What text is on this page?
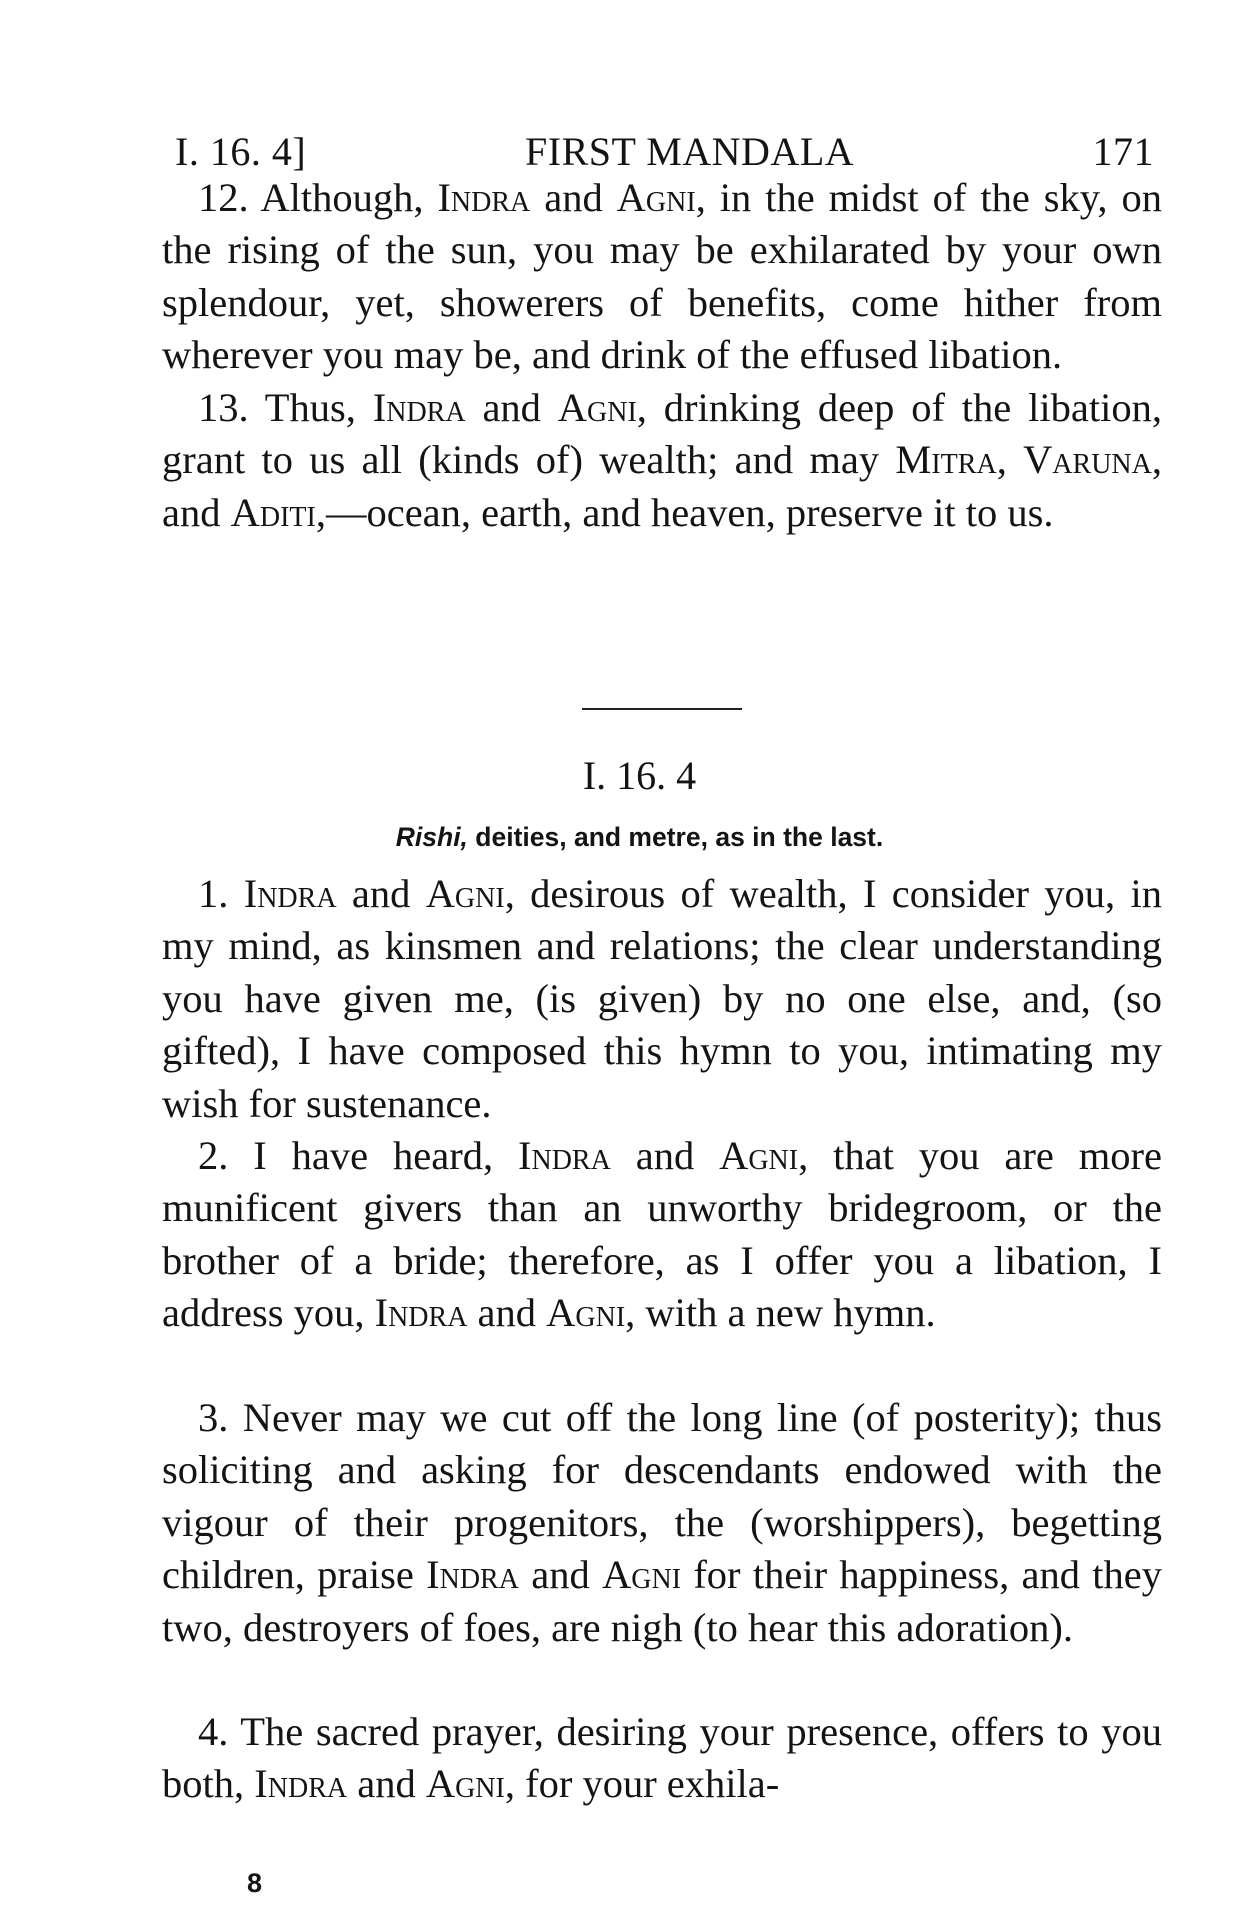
I. 16. 4]	FIRST MANDALA	171

12. Although, Indra and Agni, in the midst of the sky, on the rising of the sun, you may be exhilarated by your own splendour, yet, showerers of benefits, come hither from wherever you may be, and drink of the effused libation.

13. Thus, Indra and Agni, drinking deep of the libation, grant to us all (kinds of) wealth; and may Mitra, Varuna, and Aditi,—ocean, earth, and heaven, preserve it to us.

I. 16. 4
Rishi, deities, and metre, as in the last.

1. Indra and Agni, desirous of wealth, I consider you, in my mind, as kinsmen and relations; the clear understanding you have given me, (is given) by no one else, and, (so gifted), I have composed this hymn to you, intimating my wish for sustenance.

2. I have heard, Indra and Agni, that you are more munificent givers than an unworthy bridegroom, or the brother of a bride; therefore, as I offer you a libation, I address you, Indra and Agni, with a new hymn.

3. Never may we cut off the long line (of posterity); thus soliciting and asking for descendants endowed with the vigour of their progenitors, the (worshippers), begetting children, praise Indra and Agni for their happiness, and they two, destroyers of foes, are nigh (to hear this adoration).

4. The sacred prayer, desiring your presence, offers to you both, Indra and Agni, for your exhila-

8
